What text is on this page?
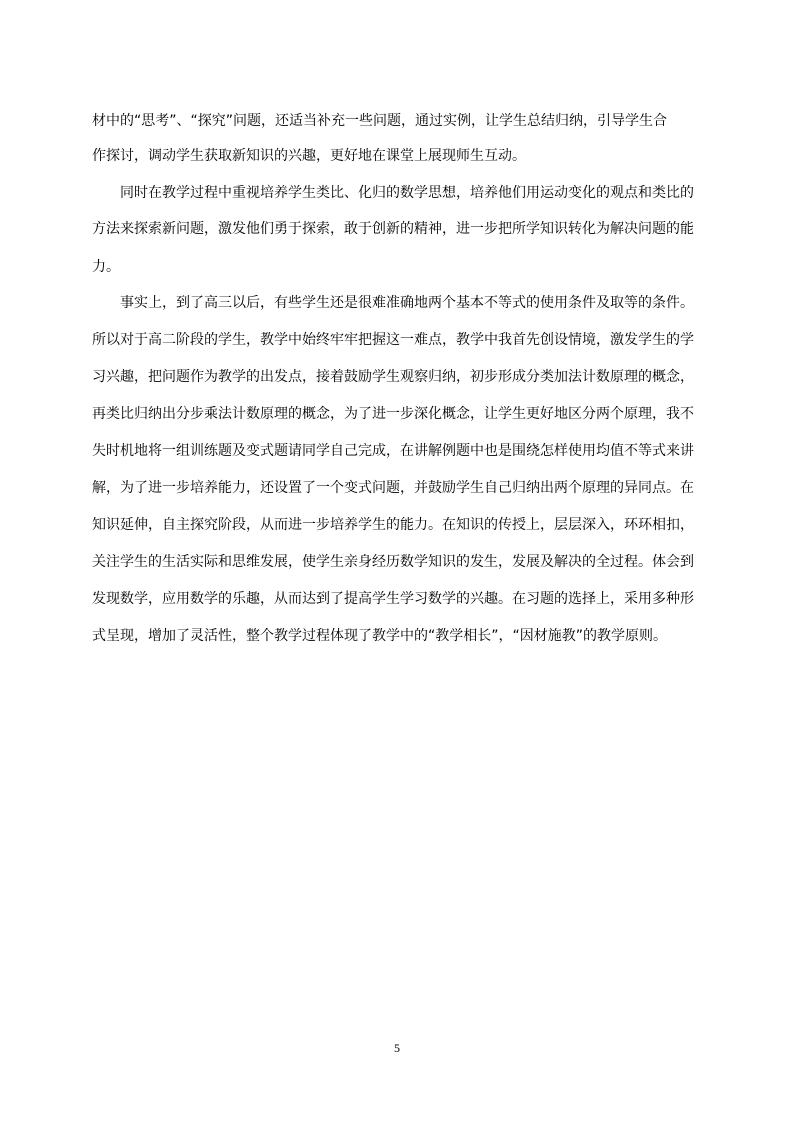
材中的“思考”、“探究”问题，还适当补充一些问题，通过实例，让学生总结归纳，引导学生合
作探讨，调动学生获取新知识的兴趣，更好地在课堂上展现师生互动。
同时在教学过程中重视培养学生类比、化归的数学思想，培养他们用运动变化的观点和类比的
方法来探索新问题，激发他们勇于探索，敢于创新的精神，进一步把所学知识转化为解决问题的能
力。
事实上，到了高三以后，有些学生还是很难准确地两个基本不等式的使用条件及取等的条件。
所以对于高二阶段的学生，教学中始终牢牢把握这一难点，教学中我首先创设情境，激发学生的学
习兴趣，把问题作为教学的出发点，接着鼓励学生观察归纳，初步形成分类加法计数原理的概念，
再类比归纳出分步乘法计数原理的概念，为了进一步深化概念，让学生更好地区分两个原理，我不
失时机地将一组训练题及变式题请同学自己完成，在讲解例题中也是围绕怎样使用均值不等式来讲
解，为了进一步培养能力，还设置了一个变式问题，并鼓励学生自己归纳出两个原理的异同点。在
知识延伸，自主探究阶段，从而进一步培养学生的能力。在知识的传授上，层层深入，环环相扣，
关注学生的生活实际和思维发展，使学生亲身经历数学知识的发生，发展及解决的全过程。体会到
发现数学，应用数学的乐趣，从而达到了提高学生学习数学的兴趣。在习题的选择上，采用多种形
式呈现，增加了灵活性，整个教学过程体现了教学中的“教学相长”，“因材施教”的教学原则。
5
